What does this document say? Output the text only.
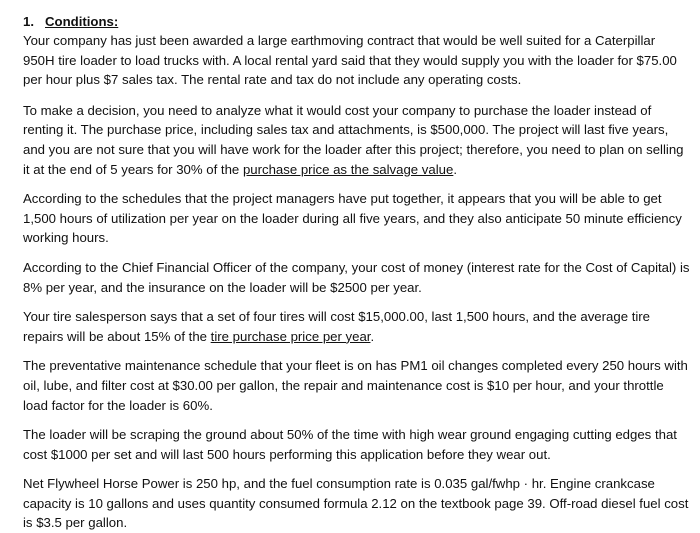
1. Conditions:

Your company has just been awarded a large earthmoving contract that would be well suited for a Caterpillar 950H tire loader to load trucks with. A local rental yard said that they would supply you with the loader for $75.00 per hour plus $7 sales tax. The rental rate and tax do not include any operating costs.

To make a decision, you need to analyze what it would cost your company to purchase the loader instead of renting it. The purchase price, including sales tax and attachments, is $500,000. The project will last five years, and you are not sure that you will have work for the loader after this project; therefore, you need to plan on selling it at the end of 5 years for 30% of the purchase price as the salvage value.

According to the schedules that the project managers have put together, it appears that you will be able to get 1,500 hours of utilization per year on the loader during all five years, and they also anticipate 50 minute efficiency working hours.

According to the Chief Financial Officer of the company, your cost of money (interest rate for the Cost of Capital) is 8% per year, and the insurance on the loader will be $2500 per year.

Your tire salesperson says that a set of four tires will cost $15,000.00, last 1,500 hours, and the average tire repairs will be about 15% of the tire purchase price per year.

The preventative maintenance schedule that your fleet is on has PM1 oil changes completed every 250 hours with oil, lube, and filter cost at $30.00 per gallon, the repair and maintenance cost is $10 per hour, and your throttle load factor for the loader is 60%.

The loader will be scraping the ground about 50% of the time with high wear ground engaging cutting edges that cost $1000 per set and will last 500 hours performing this application before they wear out.

Net Flywheel Horse Power is 250 hp, and the fuel consumption rate is 0.035 gal/fwhp · hr. Engine crankcase capacity is 10 gallons and uses quantity consumed formula 2.12 on the textbook page 39. Off-road diesel fuel cost is $3.5 per gallon.
